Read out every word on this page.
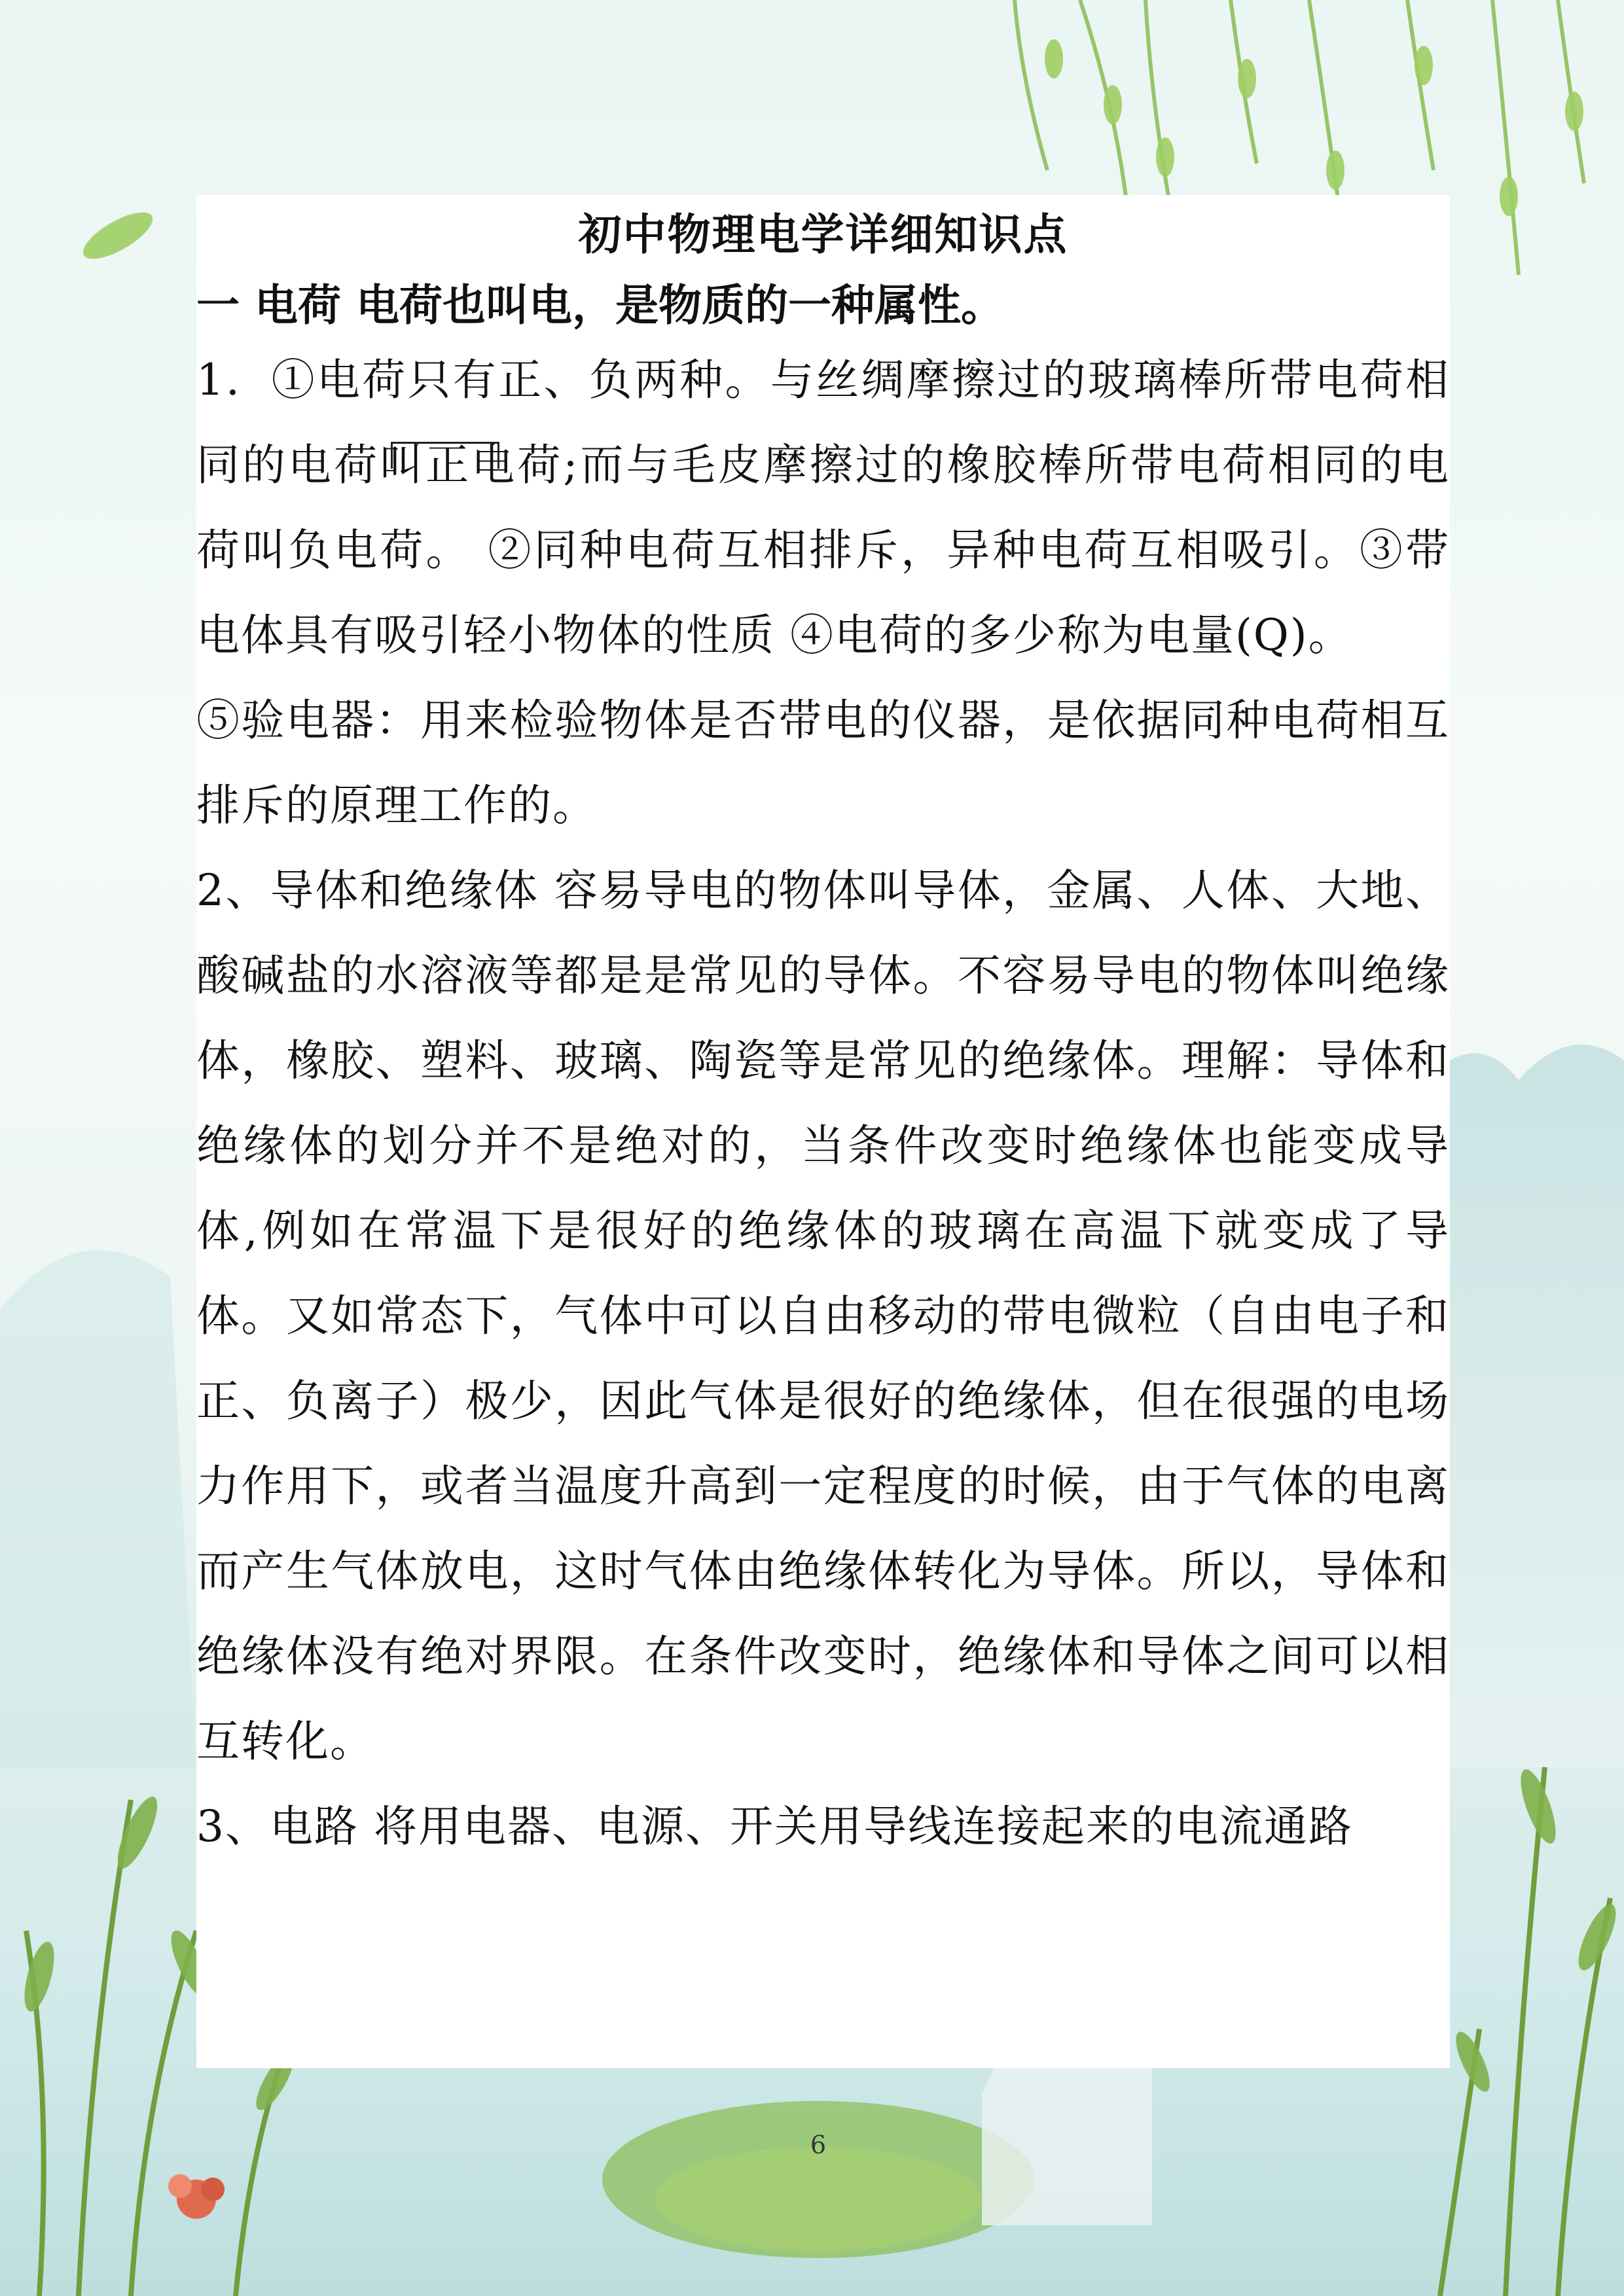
初中物理电学详细知识点
一 电荷 电荷也叫电，是物质的一种属性。

1．①电荷只有正、负两种。与丝绸摩擦过的玻璃棒所带电荷相同的电荷叫正电荷;而与毛皮摩擦过的橡胶棒所带电荷相同的电荷叫负电荷。 ②同种电荷互相排斥，异种电荷互相吸引。③带电体具有吸引轻小物体的性质 ④电荷的多少称为电量(Q)。

⑤验电器：用来检验物体是否带电的仪器，是依据同种电荷相互排斥的原理工作的。

2、导体和绝缘体 容易导电的物体叫导体，金属、人体、大地、酸碱盐的水溶液等都是是常见的导体。不容易导电的物体叫绝缘体，橡胶、塑料、玻璃、陶瓷等是常见的绝缘体。理解：导体和绝缘体的划分并不是绝对的，当条件改变时绝缘体也能变成导体,例如在常温下是很好的绝缘体的玻璃在高温下就变成了导体。又如常态下，气体中可以自由移动的带电微粒（自由电子和正、负离子）极少，因此气体是很好的绝缘体，但在很强的电场力作用下，或者当温度升高到一定程度的时候，由于气体的电离而产生气体放电，这时气体由绝缘体转化为导体。所以，导体和绝缘体没有绝对界限。在条件改变时，绝缘体和导体之间可以相互转化。

3、电路 将用电器、电源、开关用导线连接起来的电流通路

6
